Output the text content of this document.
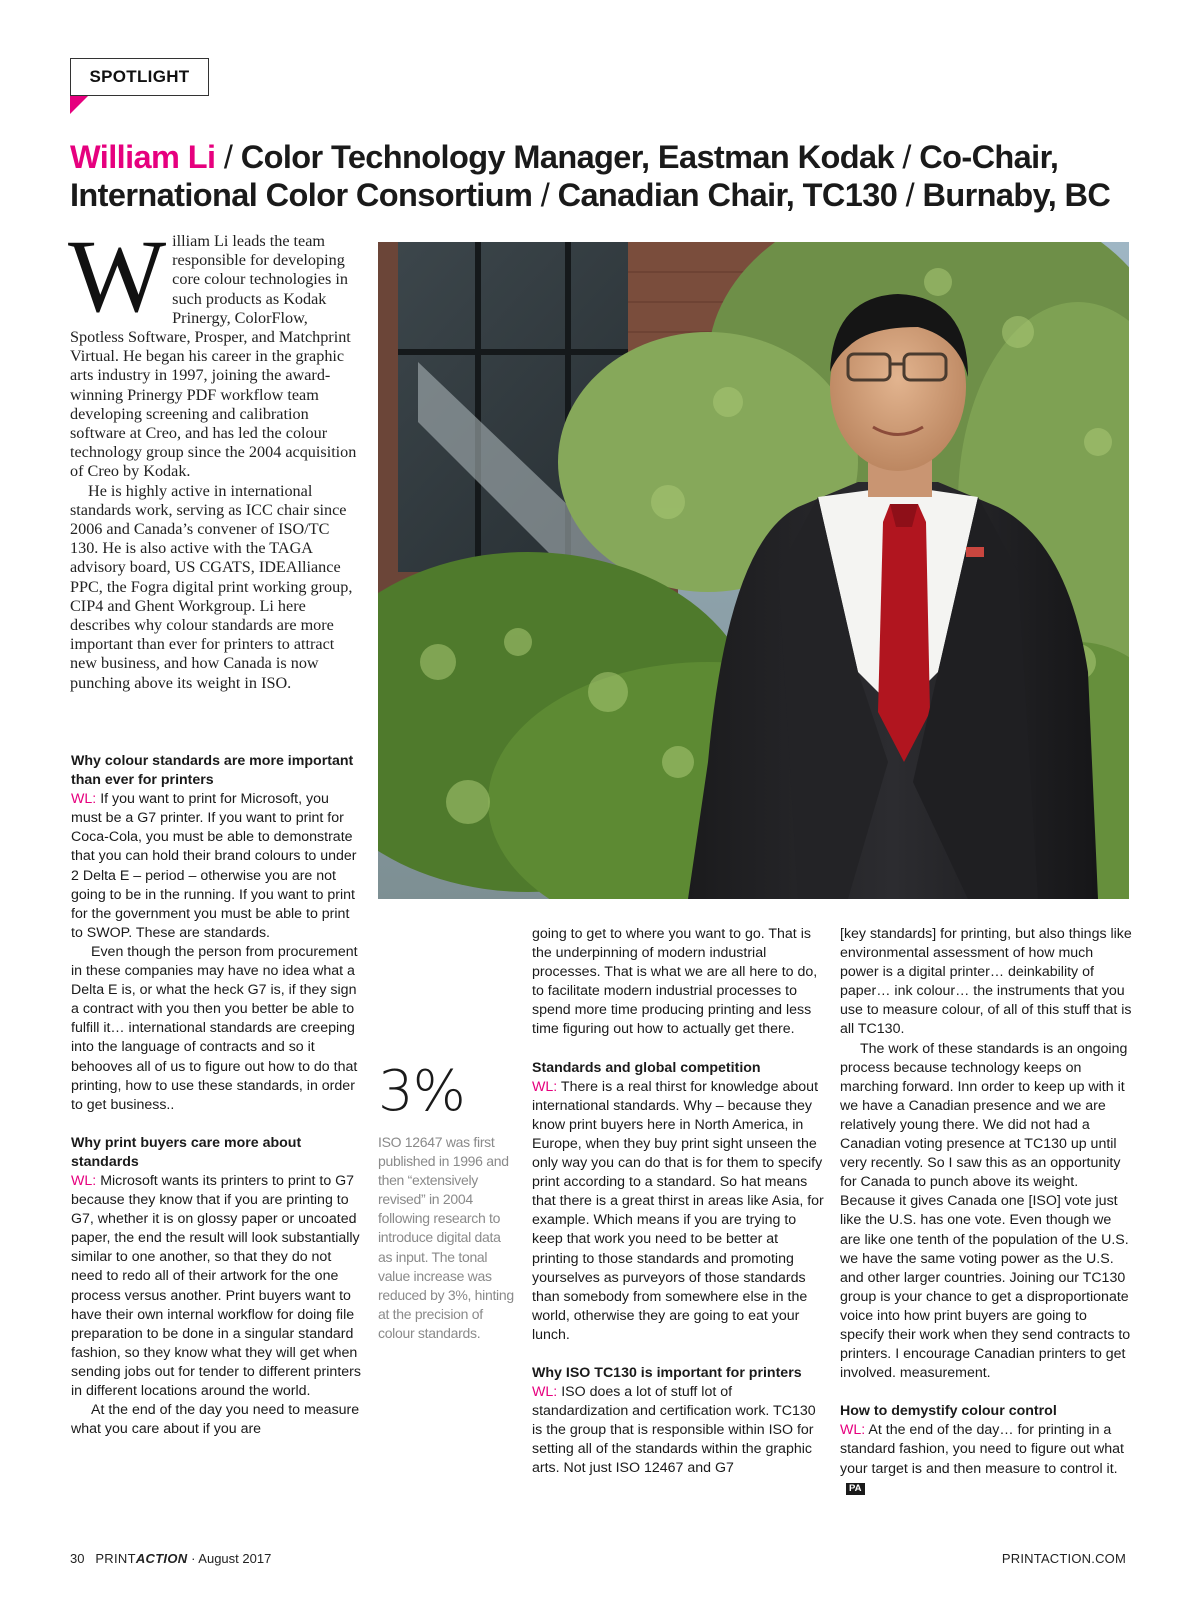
SPOTLIGHT
William Li / Color Technology Manager, Eastman Kodak / Co-Chair, International Color Consortium / Canadian Chair, TC130 / Burnaby, BC

William Li leads the team responsible for developing core colour technologies in such products as Kodak Prinergy, ColorFlow, Spotless Software, Prosper, and Matchprint Virtual. He began his career in the graphic arts industry in 1997, joining the award-winning Prinergy PDF workflow team developing screening and calibration software at Creo, and has led the colour technology group since the 2004 acquisition of Creo by Kodak.

He is highly active in international standards work, serving as ICC chair since 2006 and Canada’s convener of ISO/TC 130. He is also active with the TAGA advisory board, US CGATS, IDEAlliance PPC, the Fogra digital print working group, CIP4 and Ghent Workgroup. Li here describes why colour standards are more important than ever for printers to attract new business, and how Canada is now punching above its weight in ISO.

Why colour standards are more important than ever for printers

WL: If you want to print for Microsoft, you must be a G7 printer. If you want to print for Coca-Cola, you must be able to demonstrate that you can hold their brand colours to under 2 Delta E – period – otherwise you are not going to be in the running. If you want to print for the government you must be able to print to SWOP. These are standards.

Even though the person from procurement in these companies may have no idea what a Delta E is, or what the heck G7 is, if they sign a contract with you then you better be able to fulfill it… international standards are creeping into the language of contracts and so it behooves all of us to figure out how to do that printing, how to use these standards, in order to get business..

Why print buyers care more about standards

WL: Microsoft wants its printers to print to G7 because they know that if you are printing to G7, whether it is on glossy paper or uncoated paper, the end the result will look substantially similar to one another, so that they do not need to redo all of their artwork for the one process versus another. Print buyers want to have their own internal workflow for doing file preparation to be done in a singular standard fashion, so they know what they will get when sending jobs out for tender to different printers in different locations around the world.

At the end of the day you need to measure what you care about if you are

3%
ISO 12647 was first published in 1996 and then “extensively revised” in 2004 following research to introduce digital data as input. The tonal value increase was reduced by 3%, hinting at the precision of colour standards.

going to get to where you want to go. That is the underpinning of modern industrial processes. That is what we are all here to do, to facilitate modern industrial processes to spend more time producing printing and less time figuring out how to actually get there.

Standards and global competition

WL: There is a real thirst for knowledge about international standards. Why – because they know print buyers here in North America, in Europe, when they buy print sight unseen the only way you can do that is for them to specify print according to a standard. So hat means that there is a great thirst in areas like Asia, for example. Which means if you are trying to keep that work you need to be better at printing to those standards and promoting yourselves as purveyors of those standards than somebody from somewhere else in the world, otherwise they are going to eat your lunch.

Why ISO TC130 is important for printers

WL: ISO does a lot of stuff lot of standardization and certification work. TC130 is the group that is responsible within ISO for setting all of the standards within the graphic arts. Not just ISO 12467 and G7

[key standards] for printing, but also things like environmental assessment of how much power is a digital printer… deinkability of paper… ink colour… the instruments that you use to measure colour, of all of this stuff that is all TC130.

The work of these standards is an ongoing process because technology keeps on marching forward. Inn order to keep up with it we have a Canadian presence and we are relatively young there. We did not had a Canadian voting presence at TC130 up until very recently. So I saw this as an opportunity for Canada to punch above its weight. Because it gives Canada one [ISO] vote just like the U.S. has one vote. Even though we are like one tenth of the population of the U.S. we have the same voting power as the U.S. and other larger countries. Joining our TC130 group is your chance to get a disproportionate voice into how print buyers are going to specify their work when they send contracts to printers. I encourage Canadian printers to get involved. measurement.

How to demystify colour control

WL: At the end of the day… for printing in a standard fashion, you need to figure out what your target is and then measure to control it.PA

30 PRINTACTION · August 2017	PRINTACTION.COM
